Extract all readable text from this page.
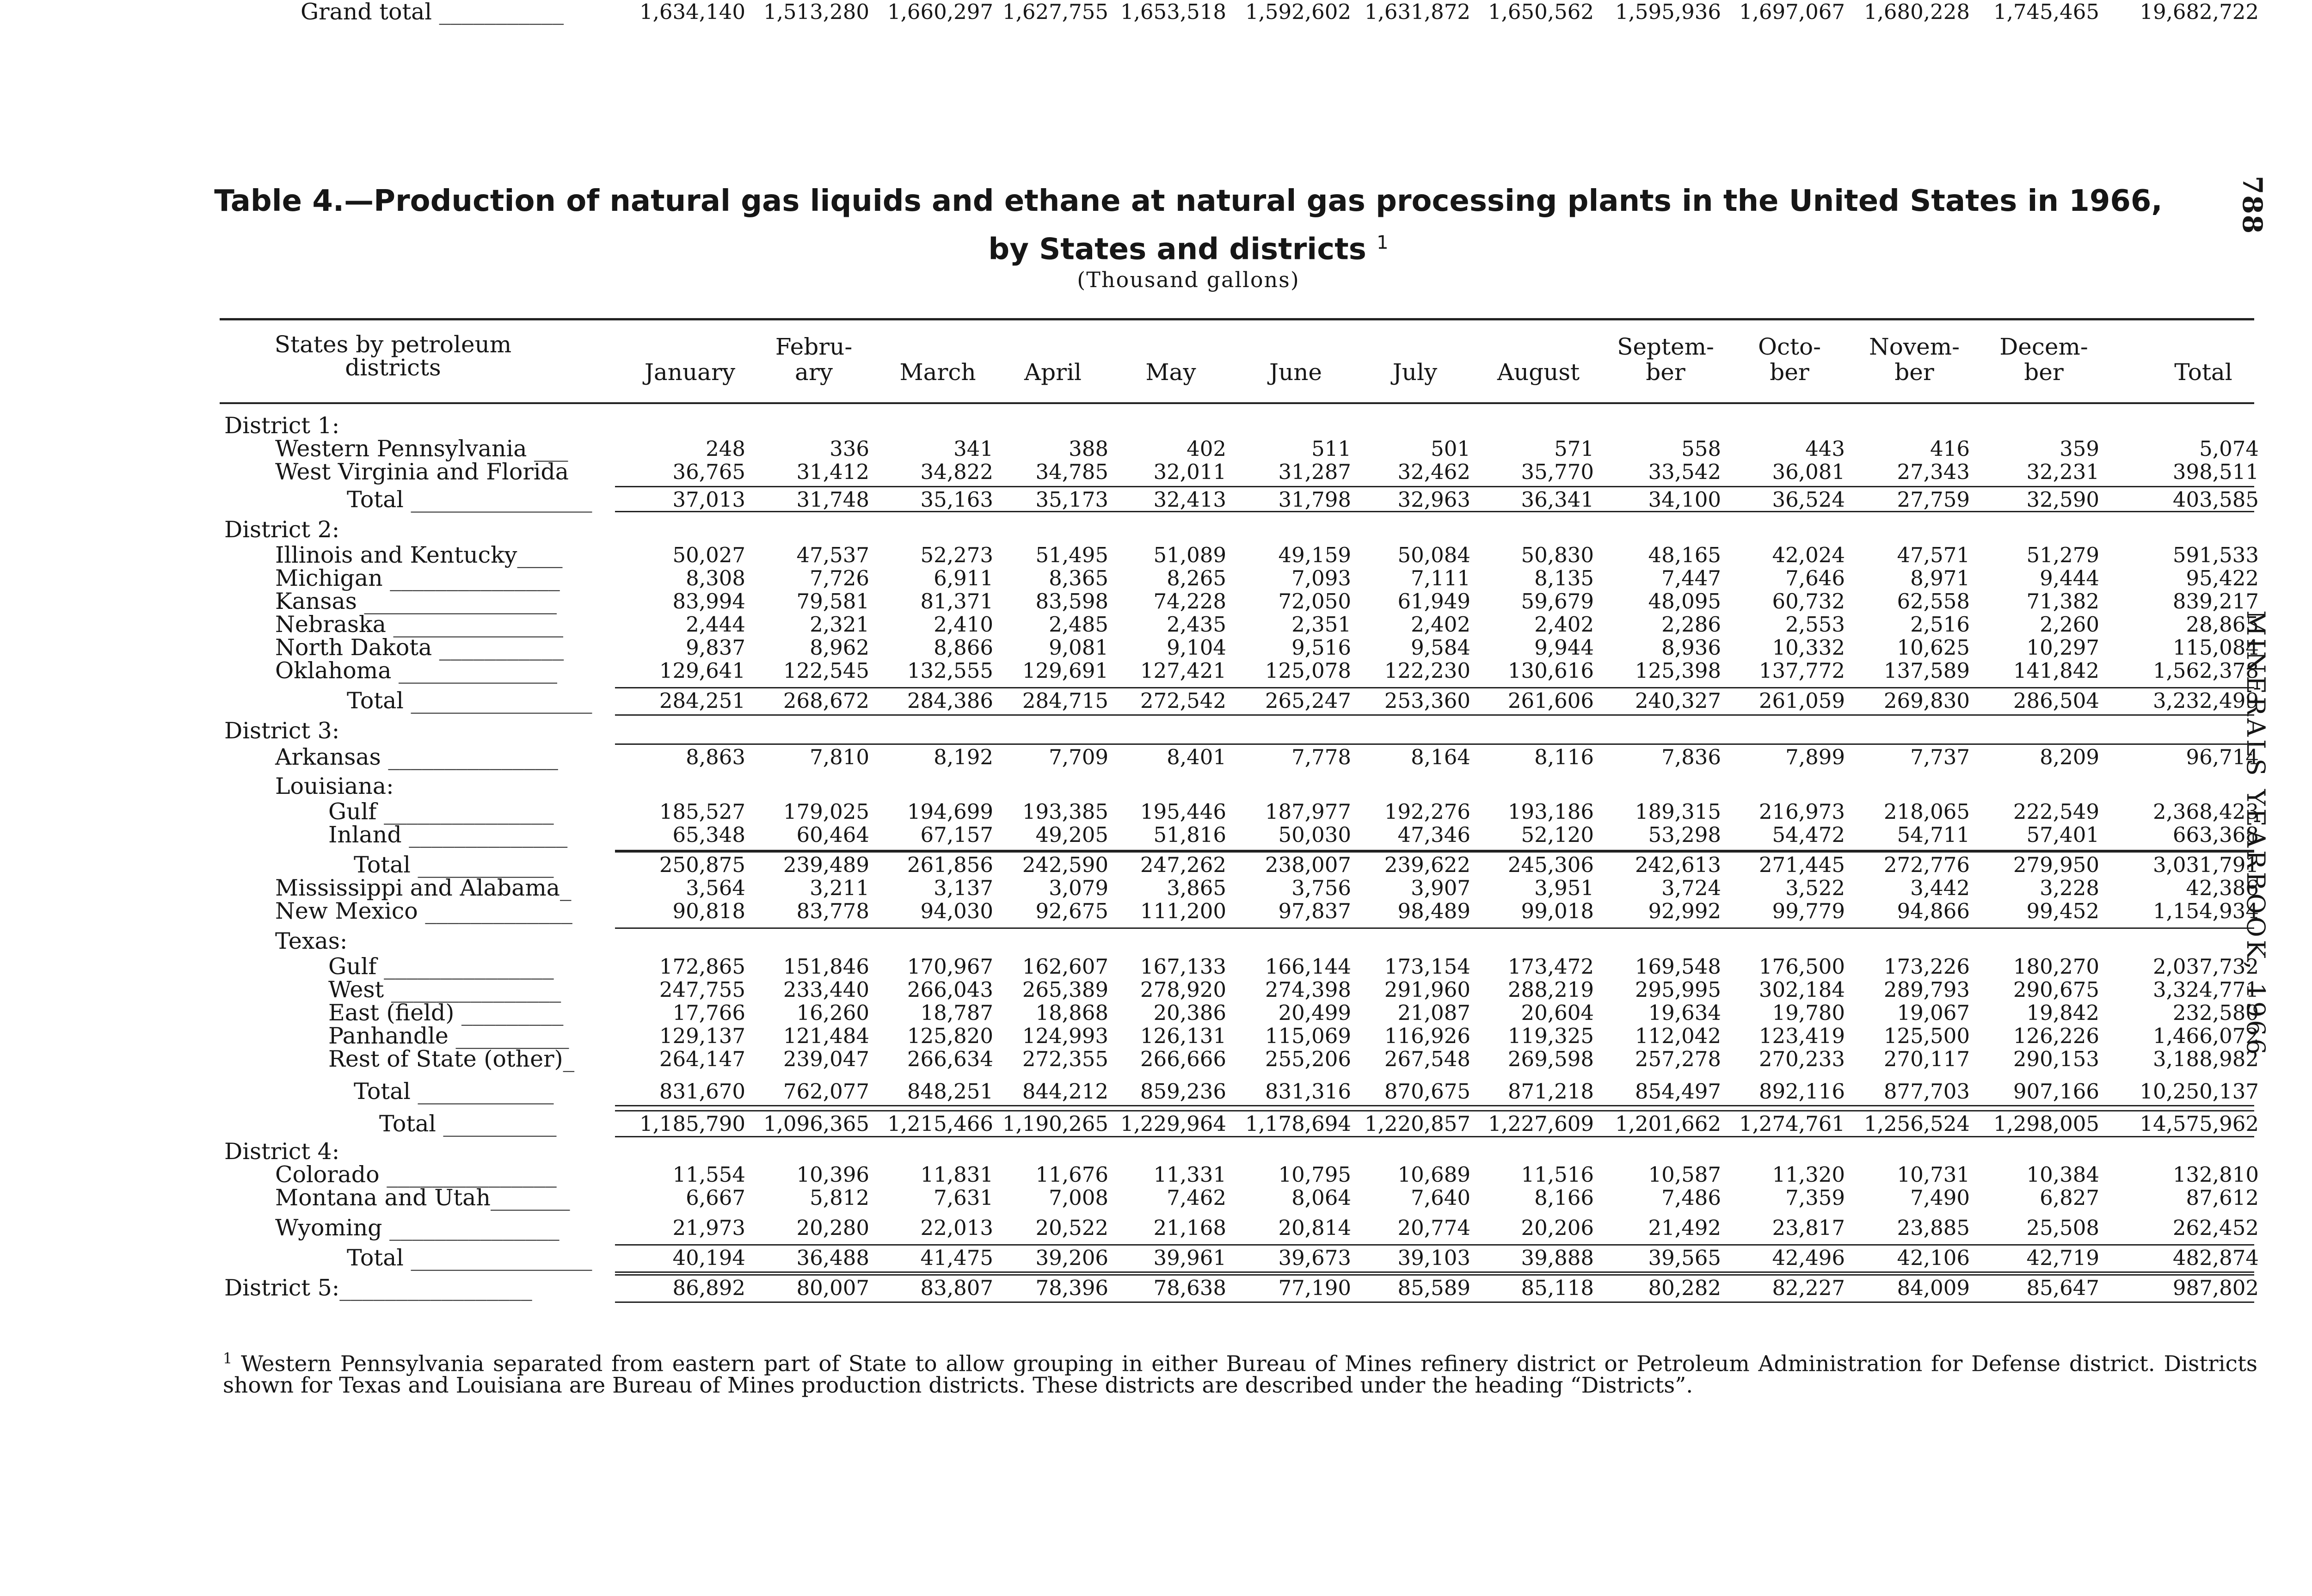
788
MINERALS YEARBOOK, 1966
Table 4.—Production of natural gas liquids and ethane at natural gas processing plants in the United States in 1966,
by States and districts $^1$
(Thousand gallons)
States by petroleum
districts	January
Febru-
ary	March	April	May	June	July	August
Septem-
ber
Octo-
ber
Novem-
ber
Decem-
ber	Total
District 1:
Western Pennsylvania ___	248	336	341	388	402	511	501	571	558	443	416	359	5,074
West Virginia and Florida	36,765 31,412 34,822 34,785 32,011	31,287 32,462 35,770	33,542 36,081	27,343	32,231	398,511
Total ________________	37,013 31,748 35,163 35,173 32,413	31,798 32,963 36,341	34,100 36,524	27,759	32,590	403,585
District 2:
Illinois and Kentucky____	50,027 47,537 52,273 51,495 51,089	49,159 50,084 50,830	48,165 42,024	47,571	51,279	591,533
Michigan _______________	8,308	7,726	6,911	8,365	8,265	7,093	7,111	8,135	7,447	7,646	8,971	9,444	95,422
Kansas _________________	83,994 79,581 81,371 83,598 74,228	72,050 61,949 59,679	48,095 60,732	62,558	71,382	839,217
Nebraska _______________	2,444	2,321	2,410	2,485	2,435	2,351	2,402	2,402	2,286	2,553	2,516	2,260	28,865
North Dakota ___________	9,837	8,962	8,866	9,081	9,104	9,516	9,584	9,944	8,936 10,332	10,625	10,297	115,084
Oklahoma ______________	129,641 122,545 132,555 129,691 127,421 125,078 122,230 130,616 125,398 137,772 137,589 141,842	1,562,378
Total ________________	284,251 268,672 284,386 284,715 272,542 265,247 253,360 261,606 240,327 261,059 269,830 286,504	3,232,499
District 3:
Arkansas _______________	8,863	7,810	8,192	7,709	8,401	7,778	8,164	8,116	7,836	7,899	7,737	8,209	96,714
Louisiana:
Gulf _______________	185,527 179,025 194,699 193,385 195,446 187,977 192,276 193,186 189,315 216,973 218,065 222,549	2,368,423
Inland ______________	65,348 60,464 67,157 49,205 51,816	50,030 47,346 52,120	53,298 54,472	54,711	57,401	663,368
Total ____________	250,875 239,489 261,856 242,590 247,262 238,007 239,622 245,306 242,613 271,445 272,776 279,950	3,031,791
Mississippi and Alabama_	3,564	3,211	3,137	3,079	3,865	3,756	3,907	3,951	3,724	3,522	3,442	3,228	42,386
New Mexico _____________	90,818 83,778 94,030 92,675 111,200	97,837 98,489 99,018	92,992 99,779	94,866	99,452	1,154,934
Texas:
Gulf _______________	172,865 151,846 170,967 162,607 167,133 166,144 173,154 173,472 169,548 176,500 173,226 180,270	2,037,732
West _______________	247,755 233,440 266,043 265,389 278,920 274,398 291,960 288,219 295,995 302,184 289,793 290,675	3,324,771
East (field) _________	17,766 16,260 18,787 18,868 20,386	20,499 21,087 20,604	19,634 19,780	19,067	19,842	232,580
Panhandle __________	129,137 121,484 125,820 124,993 126,131 115,069 116,926 119,325 112,042 123,419 125,500 126,226	1,466,072
Rest of State (other)_	264,147 239,047 266,634 272,355 266,666 255,206 267,548 269,598 257,278 270,233 270,117 290,153	3,188,982
Total ____________	831,670 762,077 848,251 844,212 859,236 831,316 870,675 871,218 854,497 892,116 877,703 907,166 10,250,137
Total __________	1,185,790 1,096,365 1,215,466 1,190,265 1,229,964 1,178,694 1,220,857 1,227,609 1,201,662 1,274,761 1,256,524 1,298,005 14,575,962
District 4:
Colorado _______________	11,554 10,396 11,831 11,676 11,331	10,795 10,689 11,516	10,587 11,320	10,731	10,384	132,810
Montana and Utah_______	6,667	5,812	7,631	7,008	7,462	8,064	7,640	8,166	7,486	7,359	7,490	6,827	87,612
Wyoming _______________	21,973 20,280 22,013 20,522 21,168	20,814 20,774 20,206	21,492 23,817	23,885	25,508	262,452
Total ________________	40,194 36,488 41,475 39,206 39,961	39,673 39,103 39,888	39,565 42,496	42,106	42,719	482,874
District 5:_________________	86,892 80,007 83,807 78,396 78,638	77,190 85,589 85,118	80,282 82,227	84,009	85,647	987,802
Grand total ___________	1,634,140 1,513,280 1,660,297 1,627,755 1,653,518 1,592,602 1,631,872 1,650,562 1,595,936 1,697,067 1,680,228 1,745,465 19,682,722
$^1$ Western Pennsylvania separated from eastern part of State to allow grouping in either Bureau of Mines refinery district or Petroleum Administration for Defense district. Districts shown for Texas and Louisiana are Bureau of Mines production districts. These districts are described under the heading “Districts”.
